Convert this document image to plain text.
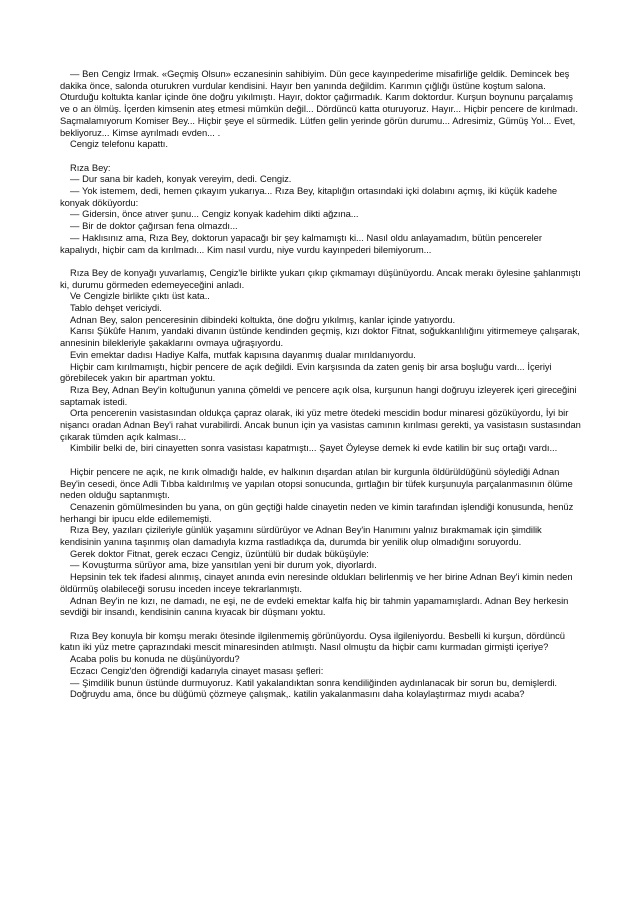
— Ben Cengiz Irmak. «Geçmiş Olsun» eczanesinin sahibiyim. Dün gece kayınpederime misafirliğe geldik. Demincek beş dakika önce, salonda oturukren vurdular kendisini. Hayır ben yanında değildim. Karımın çığlığı üstüne koştum salona. Oturduğu koltukta kanlar içinde öne doğru yıkılmıştı. Hayır, doktor çağırmadık. Karım doktordur. Kurşun boynunu parçalamış ve o an ölmüş. İçerden kimsenin ateş etmesi mümkün değil... Dördüncü katta oturuyoruz. Hayır... Hiçbir pencere de kırılmadı. Saçmalamıyorum Komiser Bey... Hiçbir şeye el sürmedik. Lütfen gelin yerinde görün durumu... Adresimiz, Gümüş Yol... Evet, bekliyoruz... Kimse ayrılmadı evden... .

Cengiz telefonu kapattı.

Rıza Bey:

— Dur sana bir kadeh, konyak vereyim, dedi. Cengiz.

— Yok istemem, dedi, hemen çıkayım yukarıya... Rıza Bey, kitaplığın ortasındaki içki dolabını açmış, iki küçük kadehe konyak döküyordu:

— Gidersin, önce atıver şunu... Cengiz konyak kadehim dikti ağzına...

— Bir de doktor çağırsan fena olmazdı...

— Haklısınız ama, Rıza Bey, doktorun yapacağı bir şey kalmamıştı ki... Nasıl oldu anlayamadım, bütün pencereler kapalıydı, hiçbir cam da kırılmadı... Kim nasıl vurdu, niye vurdu kayınpederi bilemiyorum...

Rıza Bey de konyağı yuvarlamış, Cengiz'le birlikte yukarı çıkıp çıkmamayı düşünüyordu. Ancak merakı öylesine şahlanmıştı ki, durumu görmeden edemeyeceğini anladı.

Ve Cengizle birlikte çıktı üst kata..

Tablo dehşet vericiydi.

Adnan Bey, salon penceresinin dibindeki koltukta, öne doğru yıkılmış, kanlar içinde yatıyordu.

Karısı Şükûfe Hanım, yandaki divanın üstünde kendinden geçmiş, kızı doktor Fitnat, soğukkanlılığını yitirmemeye çalışarak, annesinin bilekleriyle şakaklarını ovmaya uğraşıyordu.

Evin emektar dadısı Hadiye Kalfa, mutfak kapısına dayanmış dualar mırıldanıyordu.

Hiçbir cam kırılmamıştı, hiçbir pencere de açık değildi. Evin karşısında da zaten geniş bir arsa boşluğu vardı... İçeriyi görebilecek yakın bir apartman yoktu.

Rıza Bey, Adnan Bey'in koltuğunun yanına çömeldi ve pencere açık olsa, kurşunun hangi doğruyu izleyerek içeri gireceğini saptamak istedi.

Orta pencerenin vasistasından oldukça çapraz olarak, iki yüz metre ötedeki mescidin bodur minaresi gözüküyordu, İyi bir nişancı oradan Adnan Bey'i rahat vurabilirdi. Ancak bunun için ya vasistas camının kırılması gerekti, ya vasistasın sustasından çıkarak tümden açık kalması...

Kimbilir belki de, biri cinayetten sonra vasistası kapatmıştı... Şayet Öyleyse demek ki evde katilin bir suç ortağı vardı...

Hiçbir pencere ne açık, ne kırık olmadığı halde, ev halkının dışardan atılan bir kurgunla öldürüldüğünü söylediği Adnan Bey'in cesedi, önce Adli Tıbba kaldırılmış ve yapılan otopsi sonucunda, gırtlağın bir tüfek kurşunuyla parçalanmasının ölüme neden olduğu saptanmıştı.

Cenazenin gömülmesinden bu yana, on gün geçtiği halde cinayetin neden ve kimin tarafından işlendiği konusunda, henüz herhangi bir ipucu elde edilememişti.

Rıza Bey, yazıları çizileriyle günlük yaşamını sürdürüyor ve Adnan Bey'in Hanımını yalnız bırakmamak için şimdilik kendisinin yanına taşınmış olan damadıyla kızma rastladıkça da, durumda bir yenilik olup olmadığını soruyordu.

Gerek doktor Fitnat, gerek eczacı Cengiz, üzüntülü bir dudak büküşüyle:

— Kovuşturma sürüyor ama, bize yansıtılan yeni bir durum yok, diyorlardı.

Hepsinin tek tek ifadesi alınmış, cinayet anında evin neresinde oldukları belirlenmiş ve her birine Adnan Bey'i kimin neden öldürmüş olabileceği sorusu inceden inceye tekrarlanmıştı.

Adnan Bey'in ne kızı, ne damadı, ne eşi, ne de evdeki emektar kalfa hiç bir tahmin yapamamışlardı. Adnan Bey herkesin sevdiği bir insandı, kendisinin canına kıyacak bir düşmanı yoktu.

Rıza Bey konuyla bir komşu merakı ötesinde ilgilenmemiş görünüyordu. Oysa ilgileniyordu. Besbelli ki kurşun, dördüncü katın iki yüz metre çaprazındaki mescit minaresinden atılmıştı. Nasıl olmuştu da hiçbir camı kurmadan girmişti içeriye?

Acaba polis bu konuda ne düşünüyordu?

Eczacı Cengiz'den öğrendiği kadarıyla cinayet masası şefleri:

— Şimdilik bunun üstünde durmuyoruz. Katil yakalandıktan sonra kendiliğinden aydınlanacak bir sorun bu, demişlerdi.

Doğruydu ama, önce bu düğümü çözmeye çalışmak,. katilin yakalanmasını daha kolaylaştırmaz mıydı acaba?
